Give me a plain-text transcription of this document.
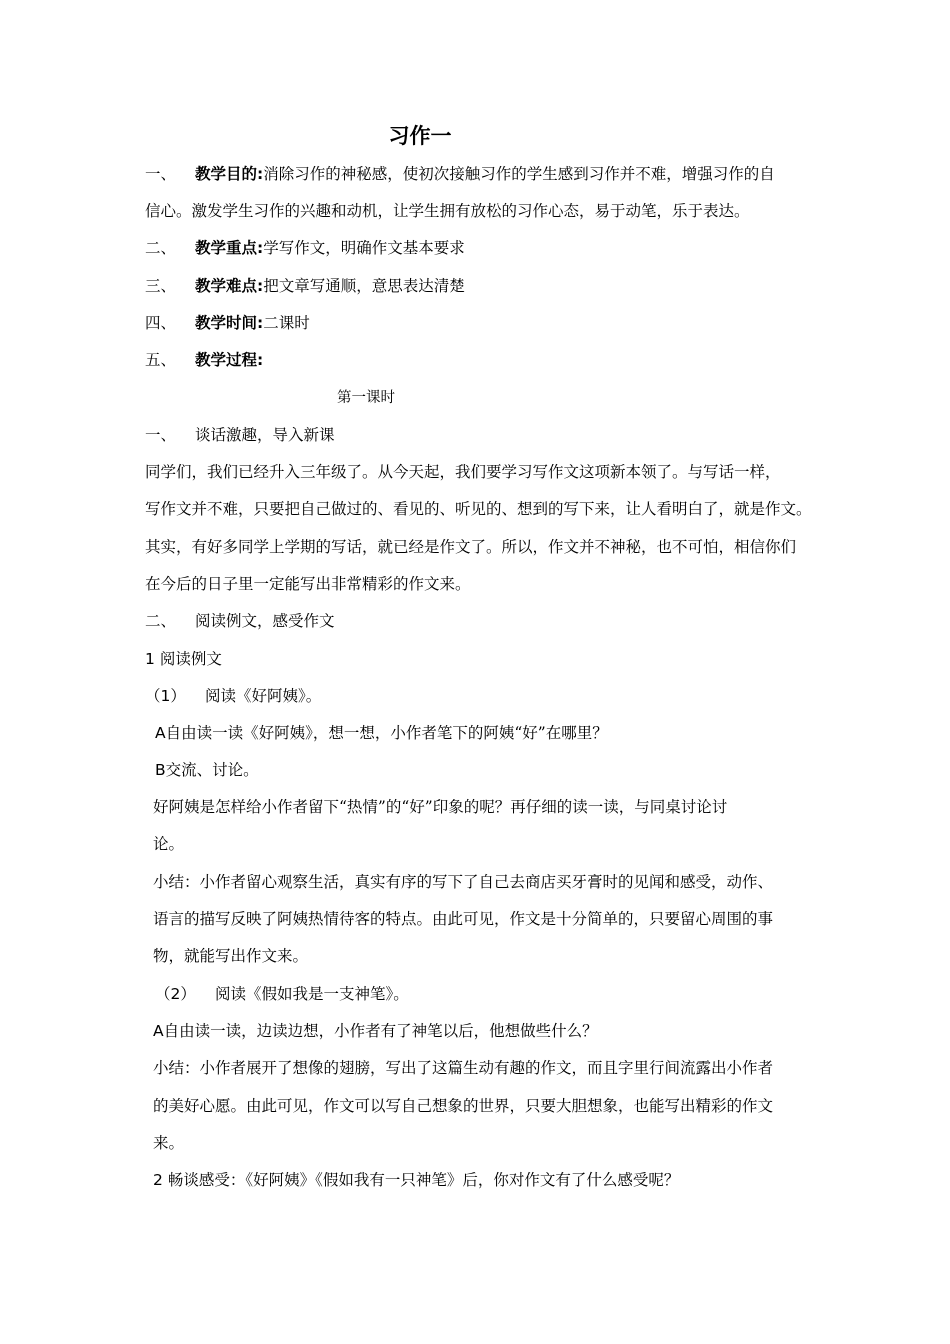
习作一
一、 教学目的:消除习作的神秘感，使初次接触习作的学生感到习作并不难，增强习作的自
信心。激发学生习作的兴趣和动机，让学生拥有放松的习作心态，易于动笔，乐于表达。
二、 教学重点:学写作文，明确作文基本要求
三、 教学难点:把文章写通顺，意思表达清楚
四、 教学时间:二课时
五、 教学过程:
第一课时
一、 谈话激趣，导入新课
同学们，我们已经升入三年级了。从今天起，我们要学习写作文这项新本领了。与写话一样，
写作文并不难，只要把自己做过的、看见的、听见的、想到的写下来，让人看明白了，就是作文。
其实，有好多同学上学期的写话，就已经是作文了。所以，作文并不神秘，也不可怕，相信你们
在今后的日子里一定能写出非常精彩的作文来。
二、 阅读例文，感受作文
1 阅读例文
（1） 阅读《好阿姨》。
A自由读一读《好阿姨》，想一想，小作者笔下的阿姨“好”在哪里？
B交流、讨论。
好阿姨是怎样给小作者留下“热情”的“好”印象的呢？再仔细的读一读，与同桌讨论讨
论。
小结：小作者留心观察生活，真实有序的写下了自己去商店买牙膏时的见闻和感受，动作、
语言的描写反映了阿姨热情待客的特点。由此可见，作文是十分简单的，只要留心周围的事
物，就能写出作文来。
（2） 阅读《假如我是一支神笔》。
A自由读一读，边读边想，小作者有了神笔以后，他想做些什么？
小结：小作者展开了想像的翅膀，写出了这篇生动有趣的作文，而且字里行间流露出小作者
的美好心愿。由此可见，作文可以写自己想象的世界，只要大胆想象，也能写出精彩的作文
来。
2 畅谈感受：《好阿姨》《假如我有一只神笔》后，你对作文有了什么感受呢？
